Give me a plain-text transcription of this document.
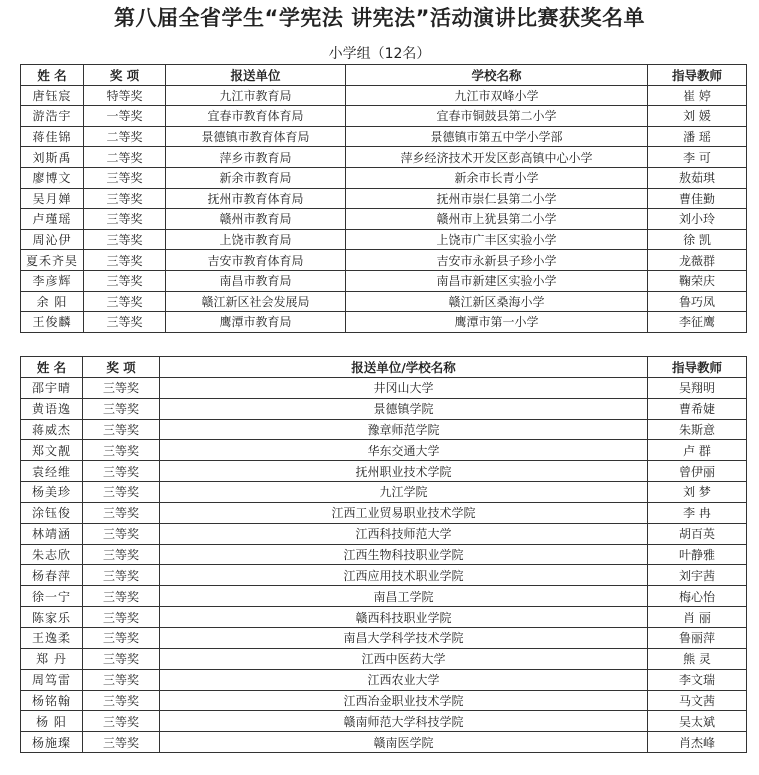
第八届全省学生“学宪法 讲宪法”活动演讲比赛获奖名单
小学组（12名）
姓 名	奖 项	报送单位	学校名称	指导教师
唐钰宸	特等奖	九江市教育局	九江市双峰小学	崔 婷
游浩宇	一等奖	宜春市教育体育局	宜春市铜鼓县第二小学	刘 媛
蒋佳锦	二等奖	景德镇市教育体育局	景德镇市第五中学小学部	潘 瑶
刘斯禹	二等奖	萍乡市教育局	萍乡经济技术开发区彭高镇中心小学	李 可
廖博文	三等奖	新余市教育局	新余市长青小学	敖茹琪
吴月婵	三等奖	抚州市教育体育局	抚州市崇仁县第二小学	曹佳勤
卢瑾瑶	三等奖	赣州市教育局	赣州市上犹县第二小学	刘小玲
周沁伊	三等奖	上饶市教育局	上饶市广丰区实验小学	徐 凯
夏禾齐昊	三等奖	吉安市教育体育局	吉安市永新县子珍小学	龙薇群
李彦辉	三等奖	南昌市教育局	南昌市新建区实验小学	鞠荣庆
余 阳	三等奖	赣江新区社会发展局	赣江新区桑海小学	鲁巧凤
王俊麟	三等奖	鹰潭市教育局	鹰潭市第一小学	李征鹰
姓 名	奖 项	报送单位/学校名称	指导教师
邵宇晴	三等奖	井冈山大学	吴翔明
黄语逸	三等奖	景德镇学院	曹希婕
蒋威杰	三等奖	豫章师范学院	朱斯意
郑文靓	三等奖	华东交通大学	卢 群
袁经维	三等奖	抚州职业技术学院	曾伊丽
杨美珍	三等奖	九江学院	刘 梦
涂钰俊	三等奖	江西工业贸易职业技术学院	李 冉
林靖涵	三等奖	江西科技师范大学	胡百英
朱志欣	三等奖	江西生物科技职业学院	叶静雅
杨春萍	三等奖	江西应用技术职业学院	刘宇茜
徐一宁	三等奖	南昌工学院	梅心怡
陈家乐	三等奖	赣西科技职业学院	肖 丽
王逸柔	三等奖	南昌大学科学技术学院	鲁丽萍
郑 丹	三等奖	江西中医药大学	熊 灵
周笃雷	三等奖	江西农业大学	李文瑞
杨铭翰	三等奖	江西冶金职业技术学院	马文茜
杨 阳	三等奖	赣南师范大学科技学院	吴太斌
杨施璨	三等奖	赣南医学院	肖杰峰
